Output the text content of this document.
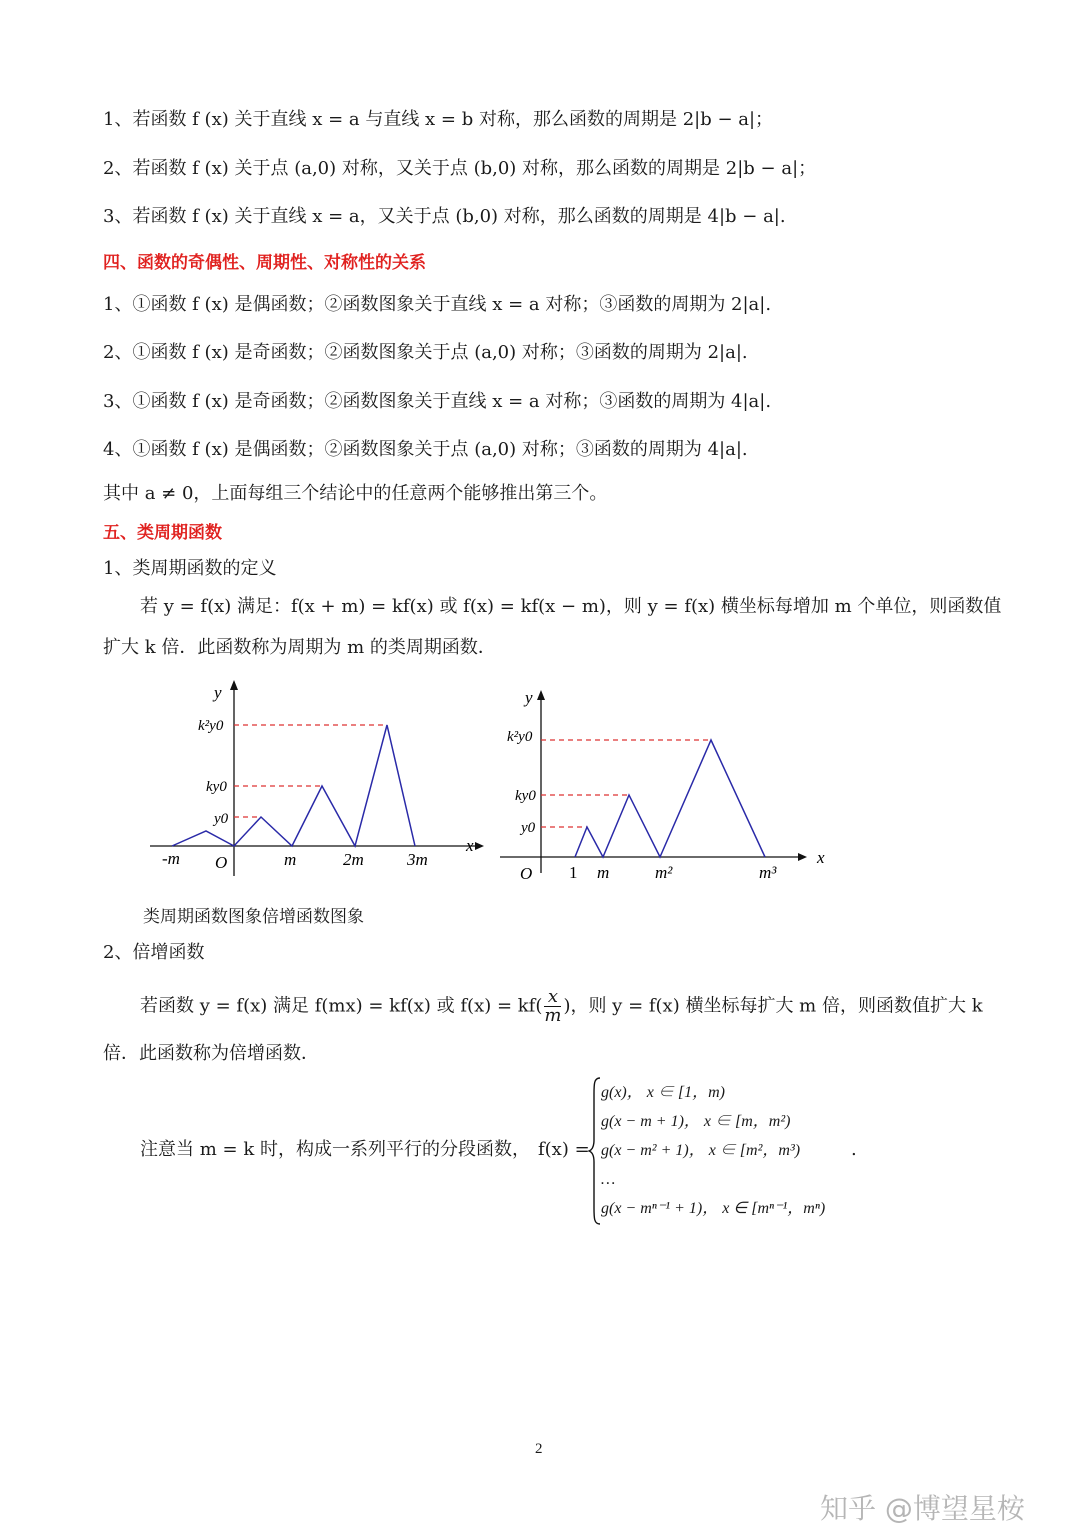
1、若函数 f (x) 关于直线 x = a 与直线 x = b 对称，那么函数的周期是 2|b − a|；
2、若函数 f (x) 关于点 (a,0) 对称，又关于点 (b,0) 对称，那么函数的周期是 2|b − a|；
3、若函数 f (x) 关于直线 x = a，又关于点 (b,0) 对称，那么函数的周期是 4|b − a|.
四、函数的奇偶性、周期性、对称性的关系
1、①函数 f (x) 是偶函数；②函数图象关于直线 x = a 对称；③函数的周期为 2|a|.
2、①函数 f (x) 是奇函数；②函数图象关于点 (a,0) 对称；③函数的周期为 2|a|.
3、①函数 f (x) 是奇函数；②函数图象关于直线 x = a 对称；③函数的周期为 4|a|.
4、①函数 f (x) 是偶函数；②函数图象关于点 (a,0) 对称；③函数的周期为 4|a|.
其中 a ≠ 0，上面每组三个结论中的任意两个能够推出第三个。
五、类周期函数
1、类周期函数的定义
若 y = f(x) 满足：f(x + m) = kf(x) 或 f(x) = kf(x − m)，则 y = f(x) 横坐标每增加 m 个单位，则函数值
扩大 k 倍．此函数称为周期为 m 的类周期函数．
y
x
k²y0
ky0
y0
-m O	m	2m	3m
y
x
k²y0
ky0
y0
O 1 m	m²	m³
类周期函数图象倍增函数图象
2、倍增函数
若函数 y = f(x) 满足 f(mx) = kf(x) 或 $f(x) = kf( \frac{x}{m}$ )，则 y = f(x) 横坐标每扩大 m 倍，则函数值扩大 k
倍．此函数称为倍增函数．
注意当 m = k 时，构成一系列平行的分段函数， f(x) =
g(x)， x ∈ [1，m)
g(x − m + 1)， x ∈ [m，m²)
g(x − m² + 1)， x ∈ [m²，m³)
…
g(x − mⁿ⁻¹ + 1)， x ∈ [mⁿ⁻¹，mⁿ)
.
2
知乎 @博望星桉
